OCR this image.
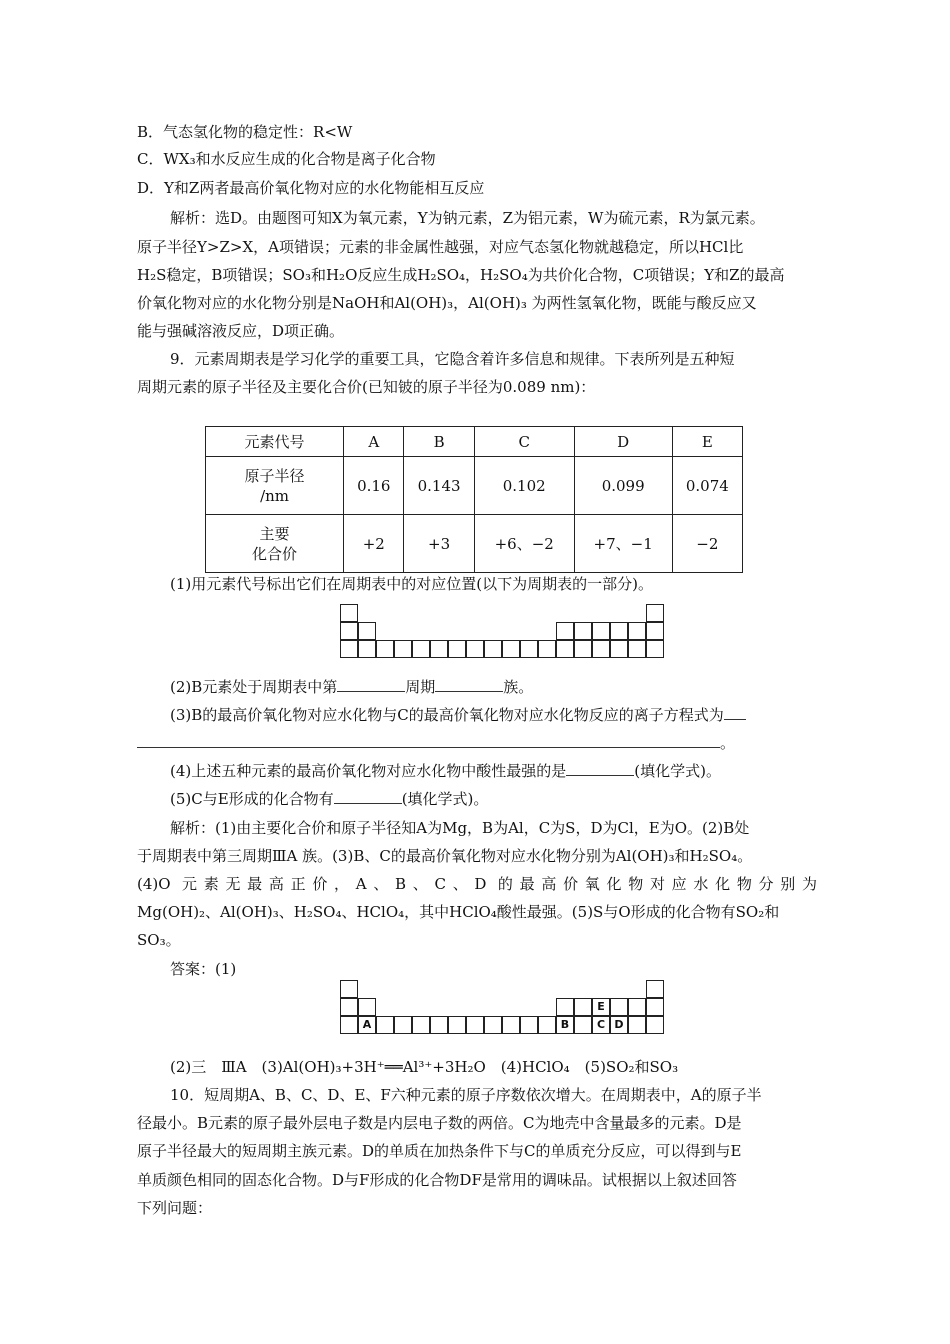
B．气态氢化物的稳定性：R<W
C．WX₃和水反应生成的化合物是离子化合物
D．Y和Z两者最高价氧化物对应的水化物能相互反应
解析：选D。由题图可知X为氧元素，Y为钠元素，Z为铝元素，W为硫元素，R为氯元素。
原子半径Y>Z>X，A项错误；元素的非金属性越强，对应气态氢化物就越稳定，所以HCl比
H₂S稳定，B项错误；SO₃和H₂O反应生成H₂SO₄，H₂SO₄为共价化合物，C项错误；Y和Z的最高
价氧化物对应的水化物分别是NaOH和Al(OH)₃，Al(OH)₃ 为两性氢氧化物，既能与酸反应又
能与强碱溶液反应，D项正确。
9．元素周期表是学习化学的重要工具，它隐含着许多信息和规律。下表所列是五种短
周期元素的原子半径及主要化合价(已知铍的原子半径为0.089 nm)：
元素代号	A	B	C	D	E

原子半径
/nm	0.16	0.143	0.102	0.099	0.074

主要
化合价	+2	+3	+6、−2	+7、−1	−2
(1)用元素代号标出它们在周期表中的对应位置(以下为周期表的一部分)。
(2)B元素处于周期表中第	周期	族。
(3)B的最高价氧化物对应水化物与C的最高价氧化物对应水化物反应的离子方程式为
。
(4)上述五种元素的最高价氧化物对应水化物中酸性最强的是	(填化学式)。
(5)C与E形成的化合物有	(填化学式)。
解析：(1)由主要化合价和原子半径知A为Mg，B为Al，C为S，D为Cl，E为O。(2)B处
于周期表中第三周期ⅢA 族。(3)B、C的最高价氧化物对应水化物分别为Al(OH)₃和H₂SO₄。
(4)O 元素无最高正价，A、B、C、D 的最高价氧化物对应水化物分别为
Mg(OH)₂、Al(OH)₃、H₂SO₄、HClO₄，其中HClO₄酸性最强。(5)S与O形成的化合物有SO₂和
SO₃。
答案：(1)
A	B
E
C D
(2)三　ⅢA　(3)Al(OH)₃+3H⁺══Al³⁺+3H₂O　(4)HClO₄　(5)SO₂和SO₃
10．短周期A、B、C、D、E、F六种元素的原子序数依次增大。在周期表中，A的原子半
径最小。B元素的原子最外层电子数是内层电子数的两倍。C为地壳中含量最多的元素。D是
原子半径最大的短周期主族元素。D的单质在加热条件下与C的单质充分反应，可以得到与E
单质颜色相同的固态化合物。D与F形成的化合物DF是常用的调味品。试根据以上叙述回答
下列问题：
